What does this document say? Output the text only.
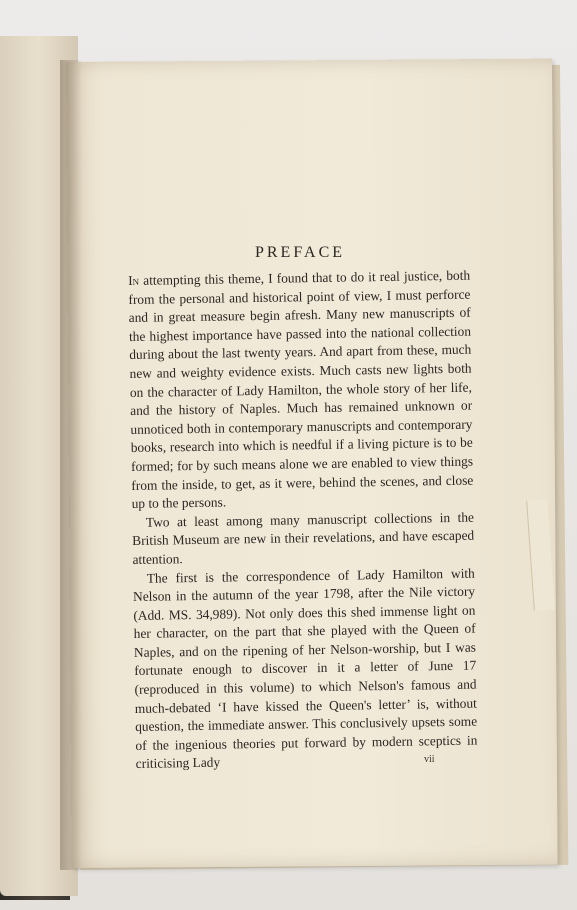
PREFACE

In attempting this theme, I found that to do it real justice, both from the personal and historical point of view, I must perforce and in great measure begin afresh. Many new manuscripts of the highest importance have passed into the national collection during about the last twenty years. And apart from these, much new and weighty evidence exists. Much casts new lights both on the character of Lady Hamilton, the whole story of her life, and the history of Naples. Much has remained unknown or unnoticed both in contemporary manuscripts and contemporary books, research into which is needful if a living picture is to be formed; for by such means alone we are enabled to view things from the inside, to get, as it were, behind the scenes, and close up to the persons.

Two at least among many manuscript collections in the British Museum are new in their revelations, and have escaped attention.

The first is the correspondence of Lady Hamilton with Nelson in the autumn of the year 1798, after the Nile victory (Add. MS. 34,989). Not only does this shed immense light on her character, on the part that she played with the Queen of Naples, and on the ripening of her Nelson-worship, but I was fortunate enough to discover in it a letter of June 17 (reproduced in this volume) to which Nelson's famous and much-debated ‘I have kissed the Queen's letter’ is, without question, the immediate answer. This conclusively upsets some of the ingenious theories put forward by modern sceptics in criticising Lady	vii
